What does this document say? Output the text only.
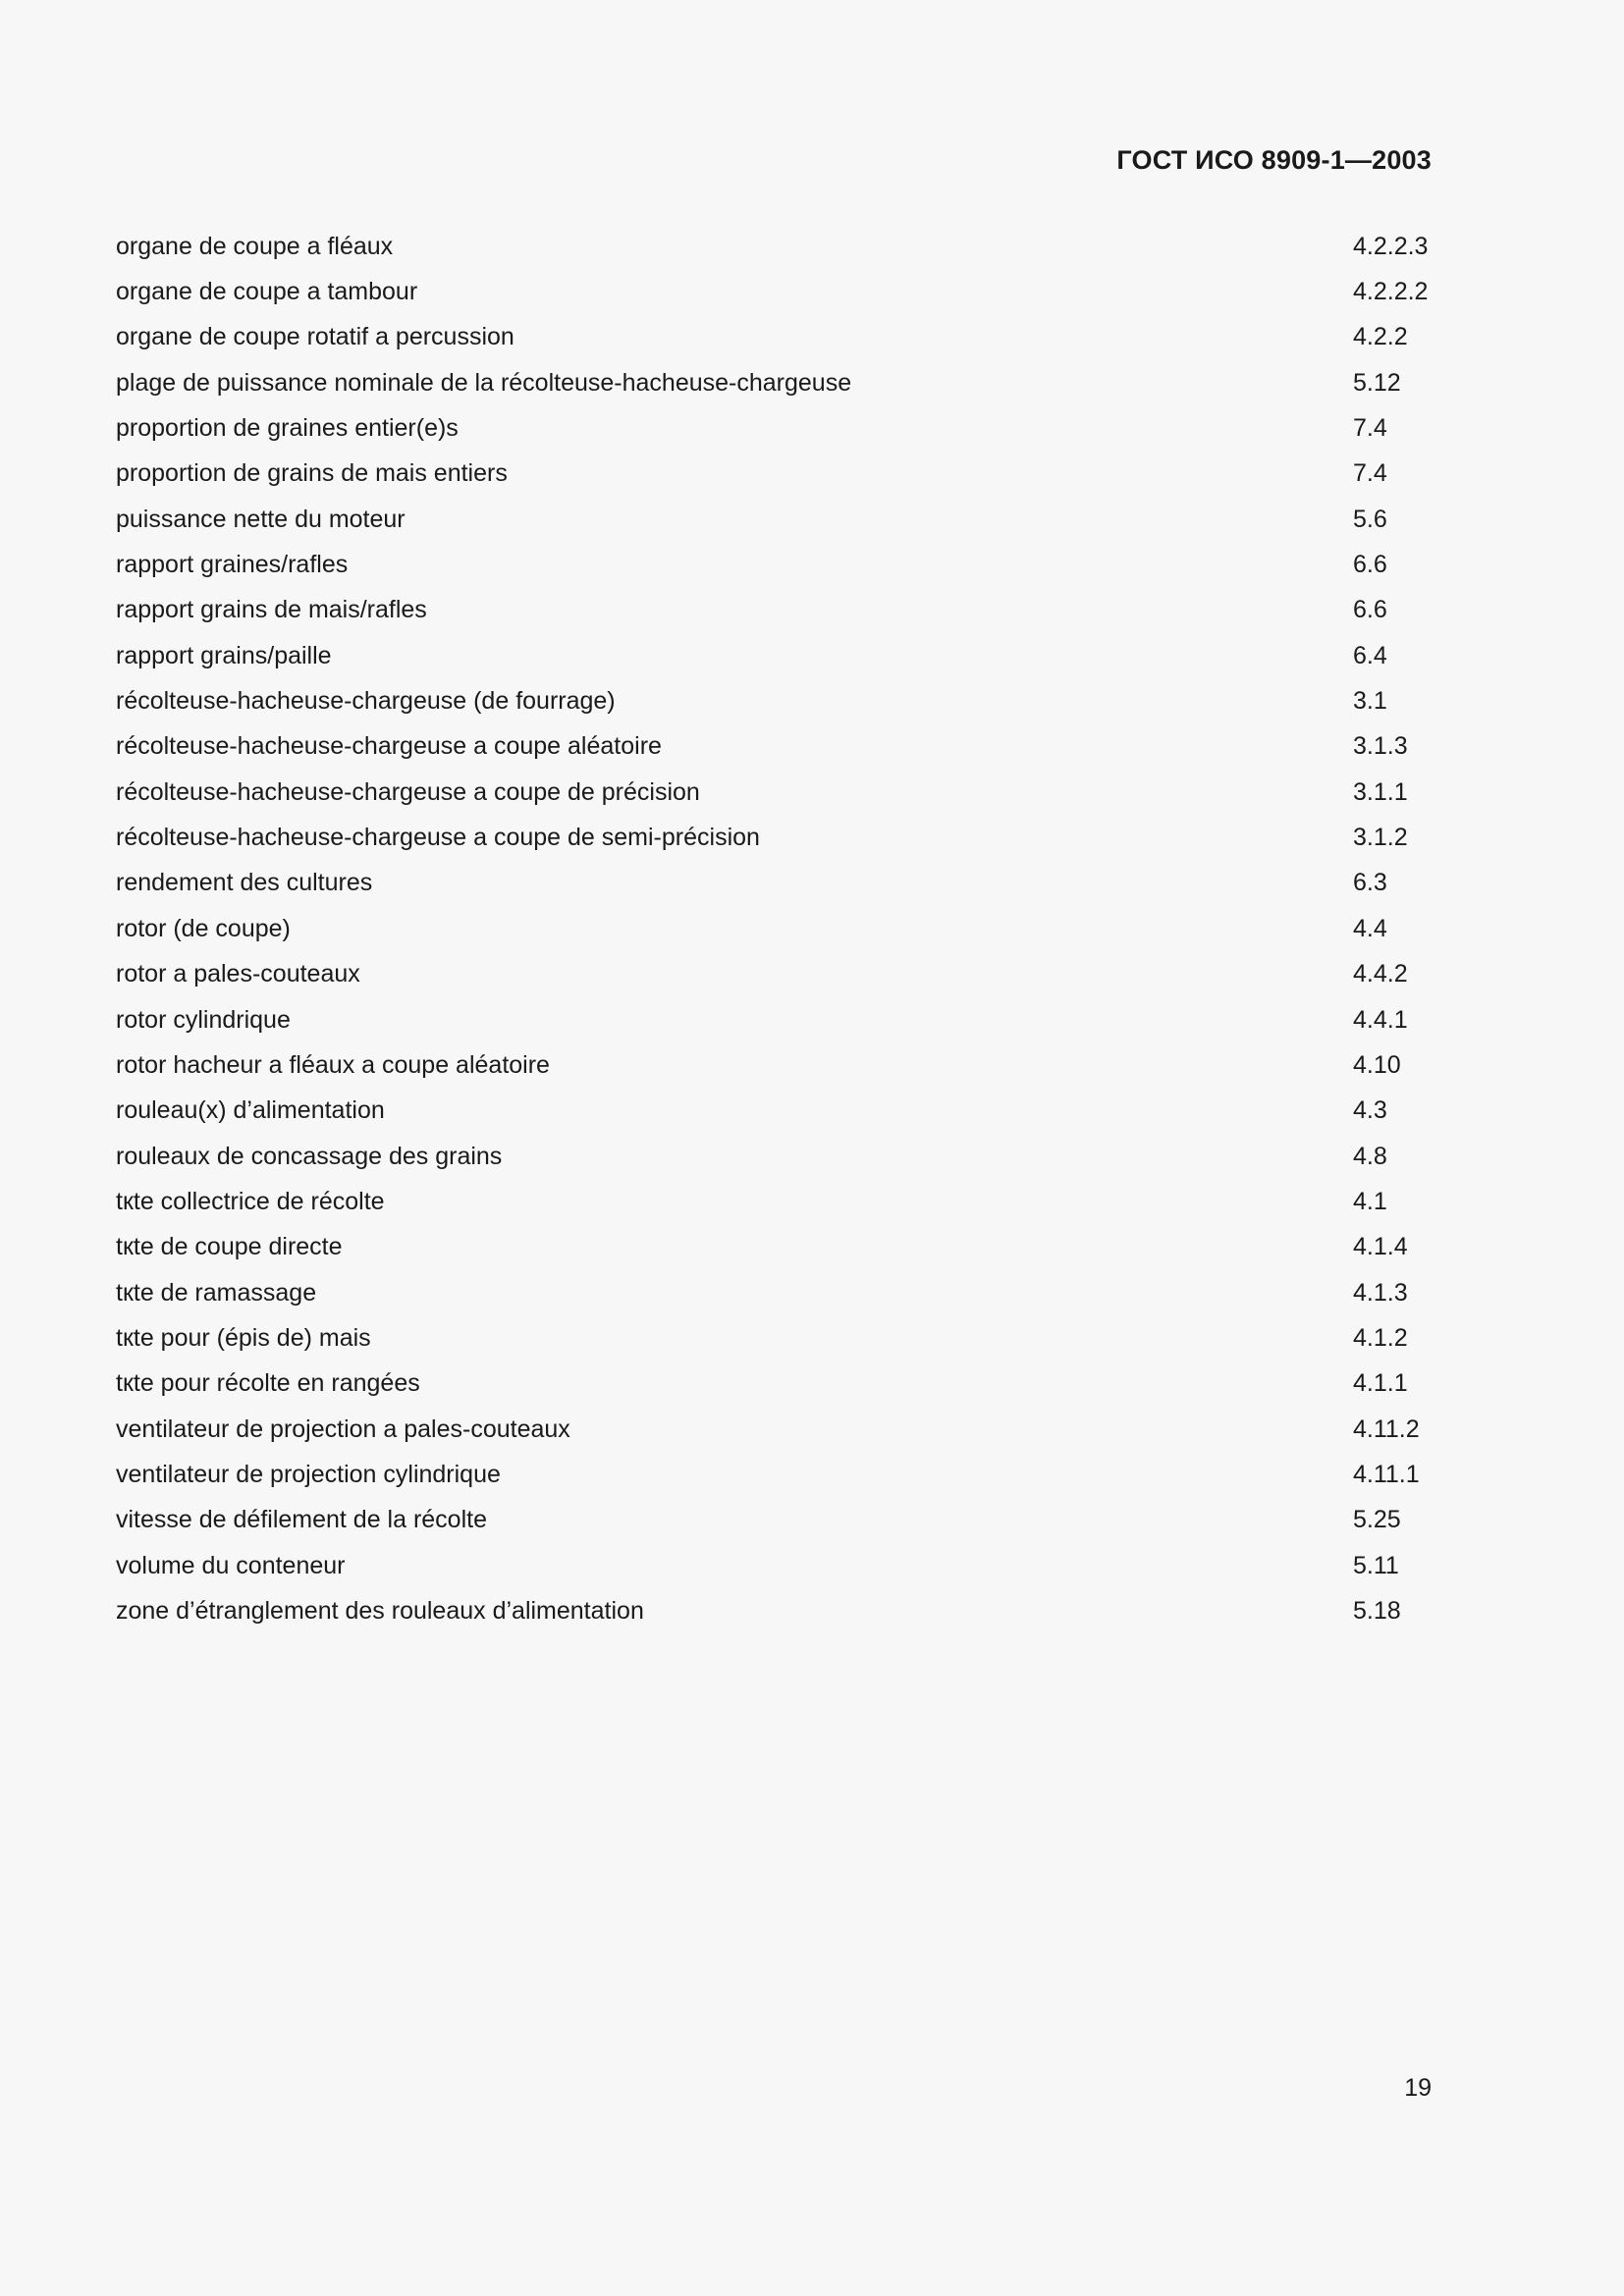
ГОСТ ИСО 8909-1—2003
organe de coupe a fléaux	4.2.2.3
organe de coupe a tambour	4.2.2.2
organe de coupe rotatif a percussion	4.2.2
plage de puissance nominale de la récolteuse-hacheuse-chargeuse	5.12
proportion de graines entier(e)s	7.4
proportion de grains de mais entiers	7.4
puissance nette du moteur	5.6
rapport graines/rafles	6.6
rapport grains de mais/rafles	6.6
rapport grains/paille	6.4
récolteuse-hacheuse-chargeuse (de fourrage)	3.1
récolteuse-hacheuse-chargeuse a coupe aléatoire	3.1.3
récolteuse-hacheuse-chargeuse a coupe de précision	3.1.1
récolteuse-hacheuse-chargeuse a coupe de semi-précision	3.1.2
rendement des cultures	6.3
rotor (de coupe)	4.4
rotor a pales-couteaux	4.4.2
rotor cylindrique	4.4.1
rotor hacheur a fléaux a coupe aléatoire	4.10
rouleau(x) d’alimentation	4.3
rouleaux de concassage des grains	4.8
tкte collectrice de récolte	4.1
tкte de coupe directe	4.1.4
tкte de ramassage	4.1.3
tкte pour (épis de) mais	4.1.2
tкte pour récolte en rangées	4.1.1
ventilateur de projection a pales-couteaux	4.11.2
ventilateur de projection cylindrique	4.11.1
vitesse de défilement de la récolte	5.25
volume du conteneur	5.11
zone d’étranglement des rouleaux d’alimentation	5.18
19
